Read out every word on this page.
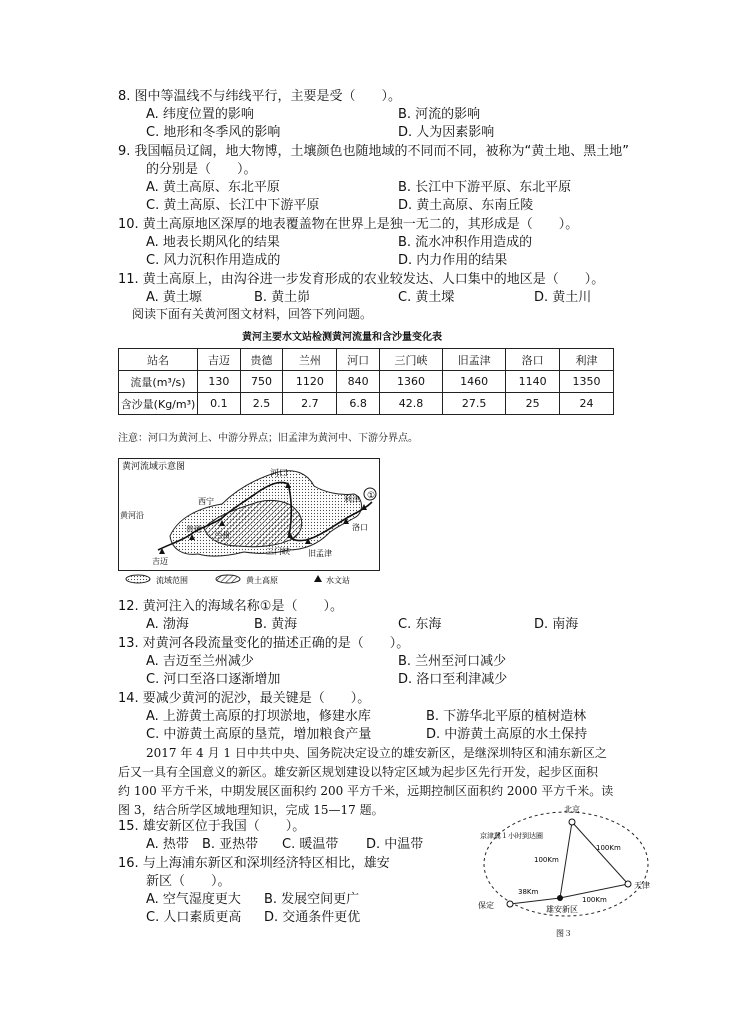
8. 图中等温线不与纬线平行，主要是受（　　）。
A. 纬度位置的影响	B. 河流的影响
C. 地形和冬季风的影响	D. 人为因素影响
9. 我国幅员辽阔，地大物博，土壤颜色也随地域的不同而不同，被称为“黄土地、黑土地”
的分别是（　　）。
A. 黄土高原、东北平原	B. 长江中下游平原、东北平原
C. 黄土高原、长江中下游平原	D. 黄土高原、东南丘陵
10. 黄土高原地区深厚的地表覆盖物在世界上是独一无二的，其形成是（　　）。
A. 地表长期风化的结果	B. 流水冲积作用造成的
C. 风力沉积作用造成的	D. 内力作用的结果
11. 黄土高原上，由沟谷进一步发育形成的农业较发达、人口集中的地区是（　　）。
A. 黄土塬	B. 黄土峁	C. 黄土墚	D. 黄土川
阅读下面有关黄河图文材料，回答下列问题。
黄河主要水文站检测黄河流量和含沙量变化表
站名	吉迈	贵德	兰州	河口	三门峡	旧孟津	洛口	利津
流量(m³/s)	130	750	1120	840	1360	1460	1140	1350
含沙量(Kg/m³)	0.1	2.5	2.7	6.8	42.8	27.5	25	24
注意：河口为黄河上、中游分界点；旧孟津为黄河中、下游分界点。
①
黄河流域示意图
河口
西宁
黄河沿
贵德
兰州
吉迈
三门峡 旧孟津
洛口
利津
流域范围	黄土高原	水文站
12. 黄河注入的海域名称①是（　　）。
A. 渤海	B. 黄海	C. 东海	D. 南海
13. 对黄河各段流量变化的描述正确的是（　　）。
A. 吉迈至兰州减少	B. 兰州至河口减少
C. 河口至洛口逐渐增加	D. 洛口至利津减少
14. 要减少黄河的泥沙，最关键是（　　）。
A. 上游黄土高原的打坝淤地，修建水库	B. 下游华北平原的植树造林
C. 中游黄土高原的垦荒，增加粮食产量	D. 中游黄土高原的水土保持
2017 年 4 月 1 日中共中央、国务院决定设立的雄安新区，是继深圳特区和浦东新区之
后又一具有全国意义的新区。雄安新区规划建设以特定区域为起步区先行开发，起步区面积
约 100 平方千米，中期发展区面积约 200 平方千米，远期控制区面积约 2000 平方千米。读
图 3，结合所学区域地理知识，完成 15—17 题。
15. 雄安新区位于我国（　　）。
A. 热带 B. 亚热带 C. 暖温带 D. 中温带
16. 与上海浦东新区和深圳经济特区相比，雄安
新区（　　）。
A. 空气湿度更大 B. 发展空间更广
C. 人口素质更高 D. 交通条件更优
北京
天津
保定	雄安新区
京津冀１小时到达圈
100Km
100Km
100Km
38Km
图３
